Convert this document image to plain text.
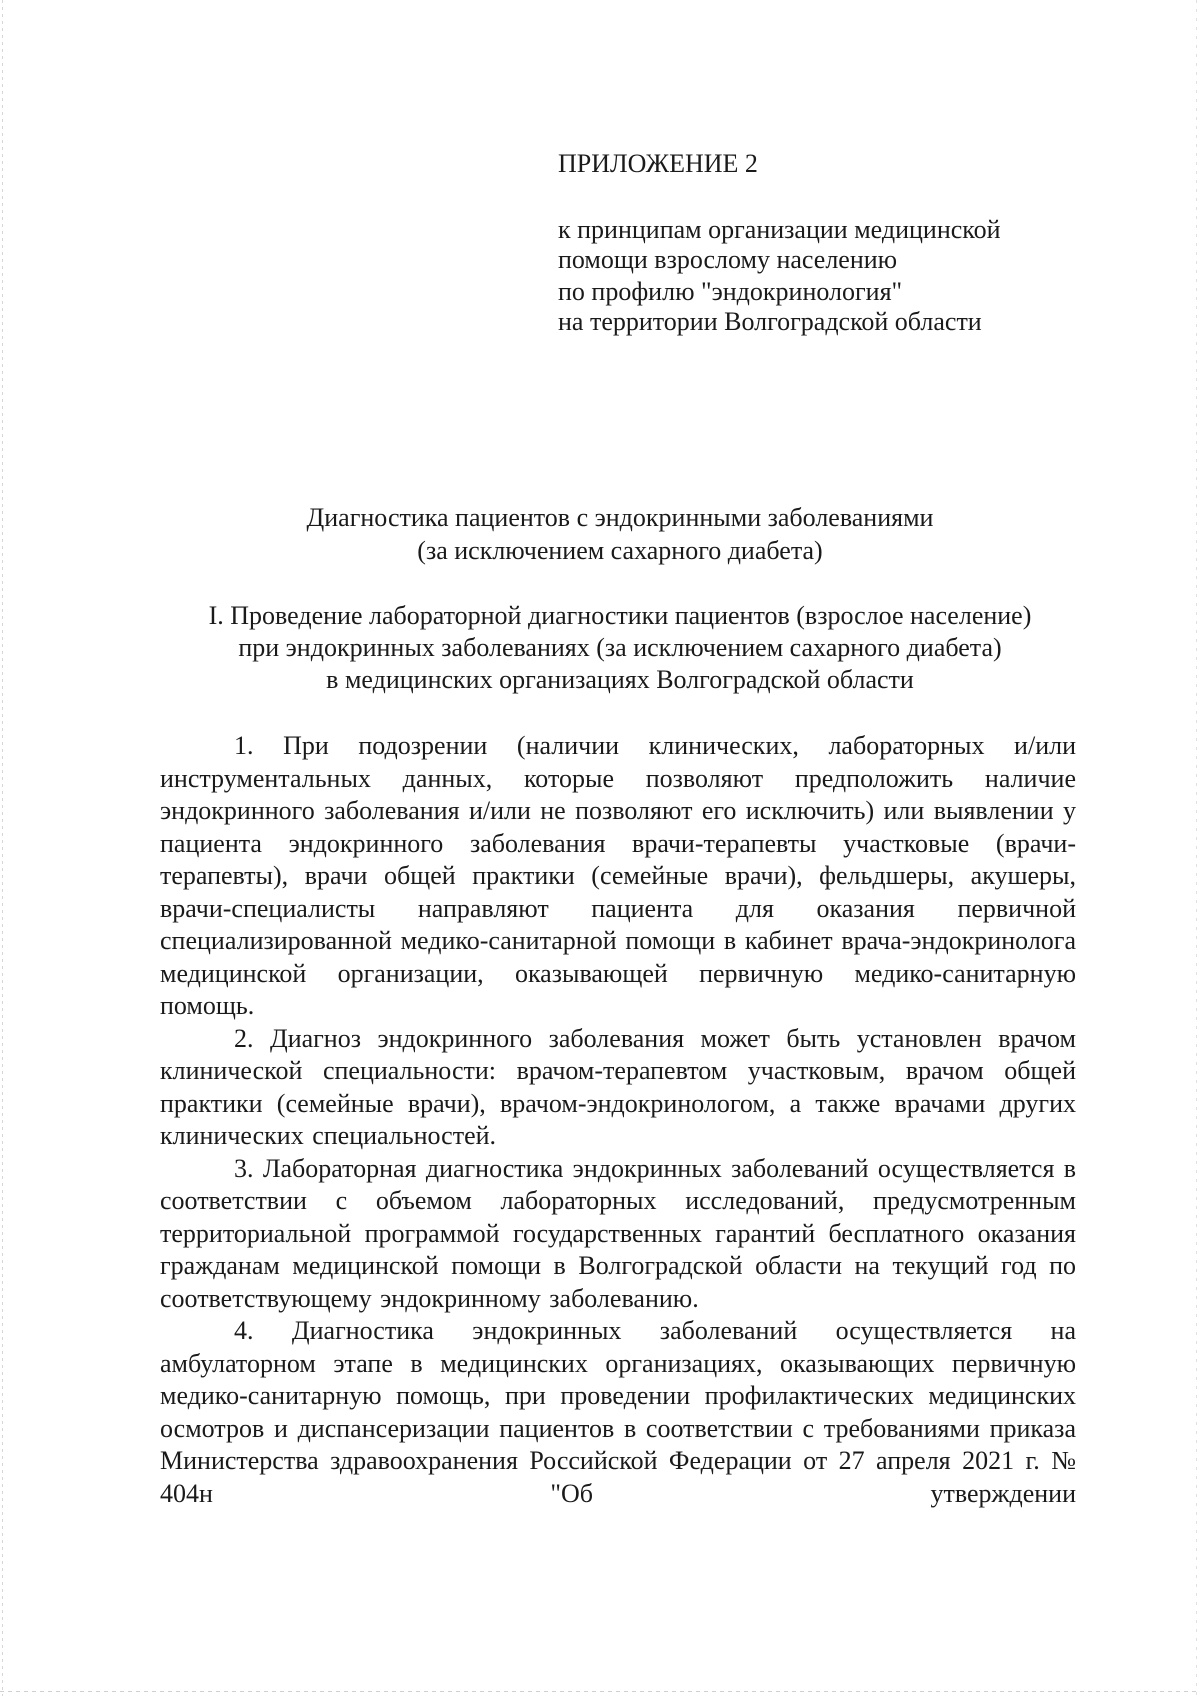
ПРИЛОЖЕНИЕ 2
к принципам организации медицинской
помощи взрослому населению
по профилю "эндокринология"
на территории Волгоградской области
Диагностика пациентов с эндокринными заболеваниями
(за исключением сахарного диабета)
I. Проведение лабораторной диагностики пациентов (взрослое население)
при эндокринных заболеваниях (за исключением сахарного диабета)
в медицинских организациях Волгоградской области

1. При подозрении (наличии клинических, лабораторных и/или инструментальных данных, которые позволяют предположить наличие эндокринного заболевания и/или не позволяют его исключить) или выявлении у пациента эндокринного заболевания врачи-терапевты участковые (врачи-терапевты), врачи общей практики (семейные врачи), фельдшеры, акушеры, врачи-специалисты направляют пациента для оказания первичной специализированной медико-санитарной помощи в кабинет врача-эндокринолога медицинской организации, оказывающей первичную медико-санитарную помощь.

2. Диагноз эндокринного заболевания может быть установлен врачом клинической специальности: врачом-терапевтом участковым, врачом общей практики (семейные врачи), врачом-эндокринологом, а также врачами других клинических специальностей.

3. Лабораторная диагностика эндокринных заболеваний осуществляется в соответствии с объемом лабораторных исследований, предусмотренным территориальной программой государственных гарантий бесплатного оказания гражданам медицинской помощи в Волгоградской области на текущий год по соответствующему эндокринному заболеванию.

4. Диагностика эндокринных заболеваний осуществляется на амбулаторном этапе в медицинских организациях, оказывающих первичную медико-санитарную помощь, при проведении профилактических медицинских осмотров и диспансеризации пациентов в соответствии с требованиями приказа Министерства здравоохранения Российской Федерации от 27 апреля 2021 г. № 404н "Об утверждении
